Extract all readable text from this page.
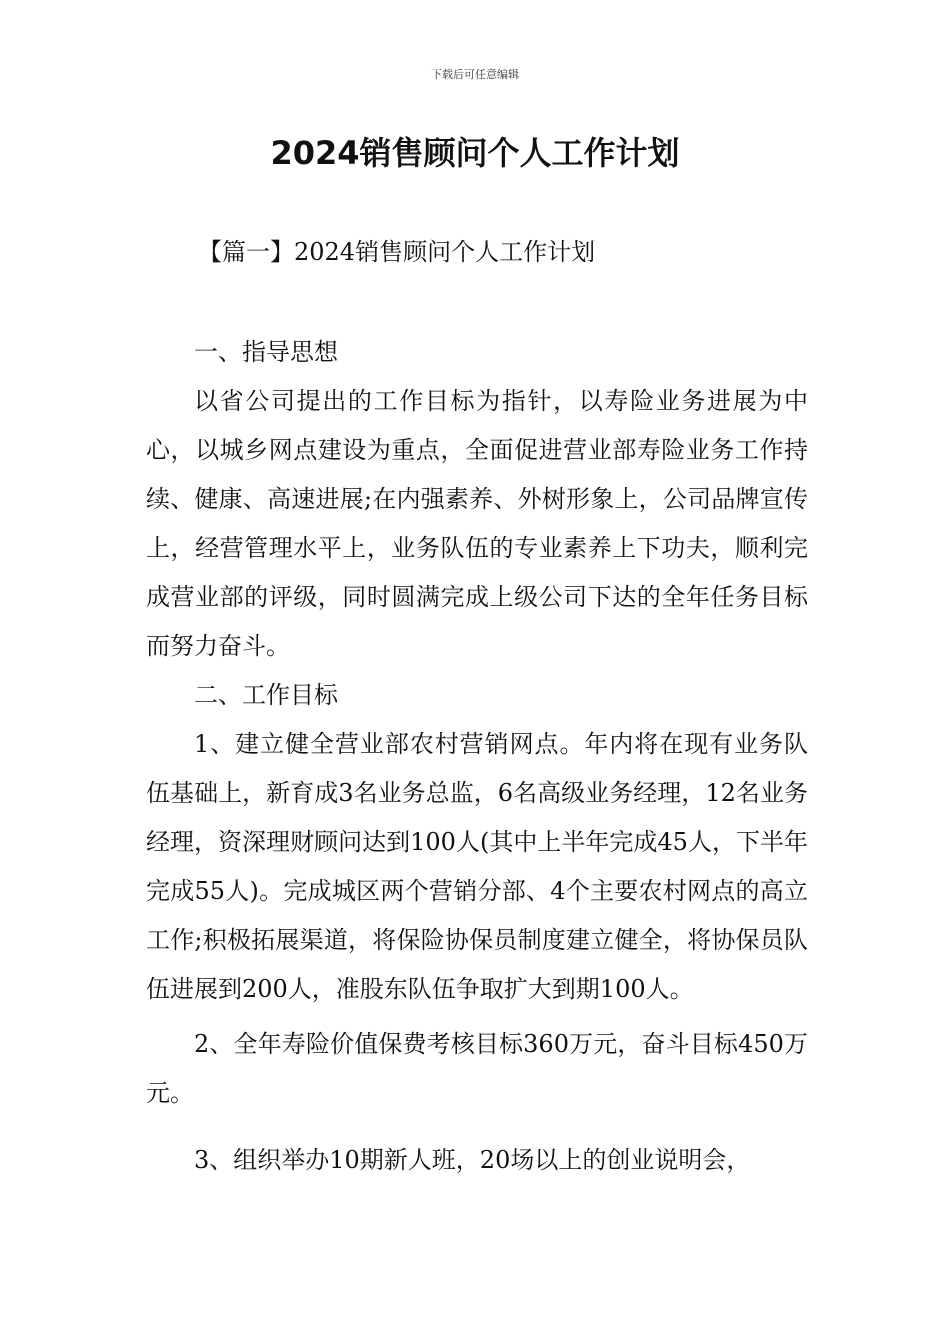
下载后可任意编辑
2024销售顾问个人工作计划
【篇一】2024销售顾问个人工作计划

一、指导思想

以省公司提出的工作目标为指针，以寿险业务进展为中心，以城乡网点建设为重点，全面促进营业部寿险业务工作持续、健康、高速进展;在内强素养、外树形象上，公司品牌宣传上，经营管理水平上，业务队伍的专业素养上下功夫，顺利完成营业部的评级，同时圆满完成上级公司下达的全年任务目标而努力奋斗。

二、工作目标

1、建立健全营业部农村营销网点。年内将在现有业务队伍基础上，新育成3名业务总监，6名高级业务经理，12名业务经理，资深理财顾问达到100人(其中上半年完成45人，下半年完成55人)。完成城区两个营销分部、4个主要农村网点的高立工作;积极拓展渠道，将保险协保员制度建立健全，将协保员队伍进展到200人，准股东队伍争取扩大到期100人。

2、全年寿险价值保费考核目标360万元，奋斗目标450万元。

3、组织举办10期新人班，20场以上的创业说明会，
